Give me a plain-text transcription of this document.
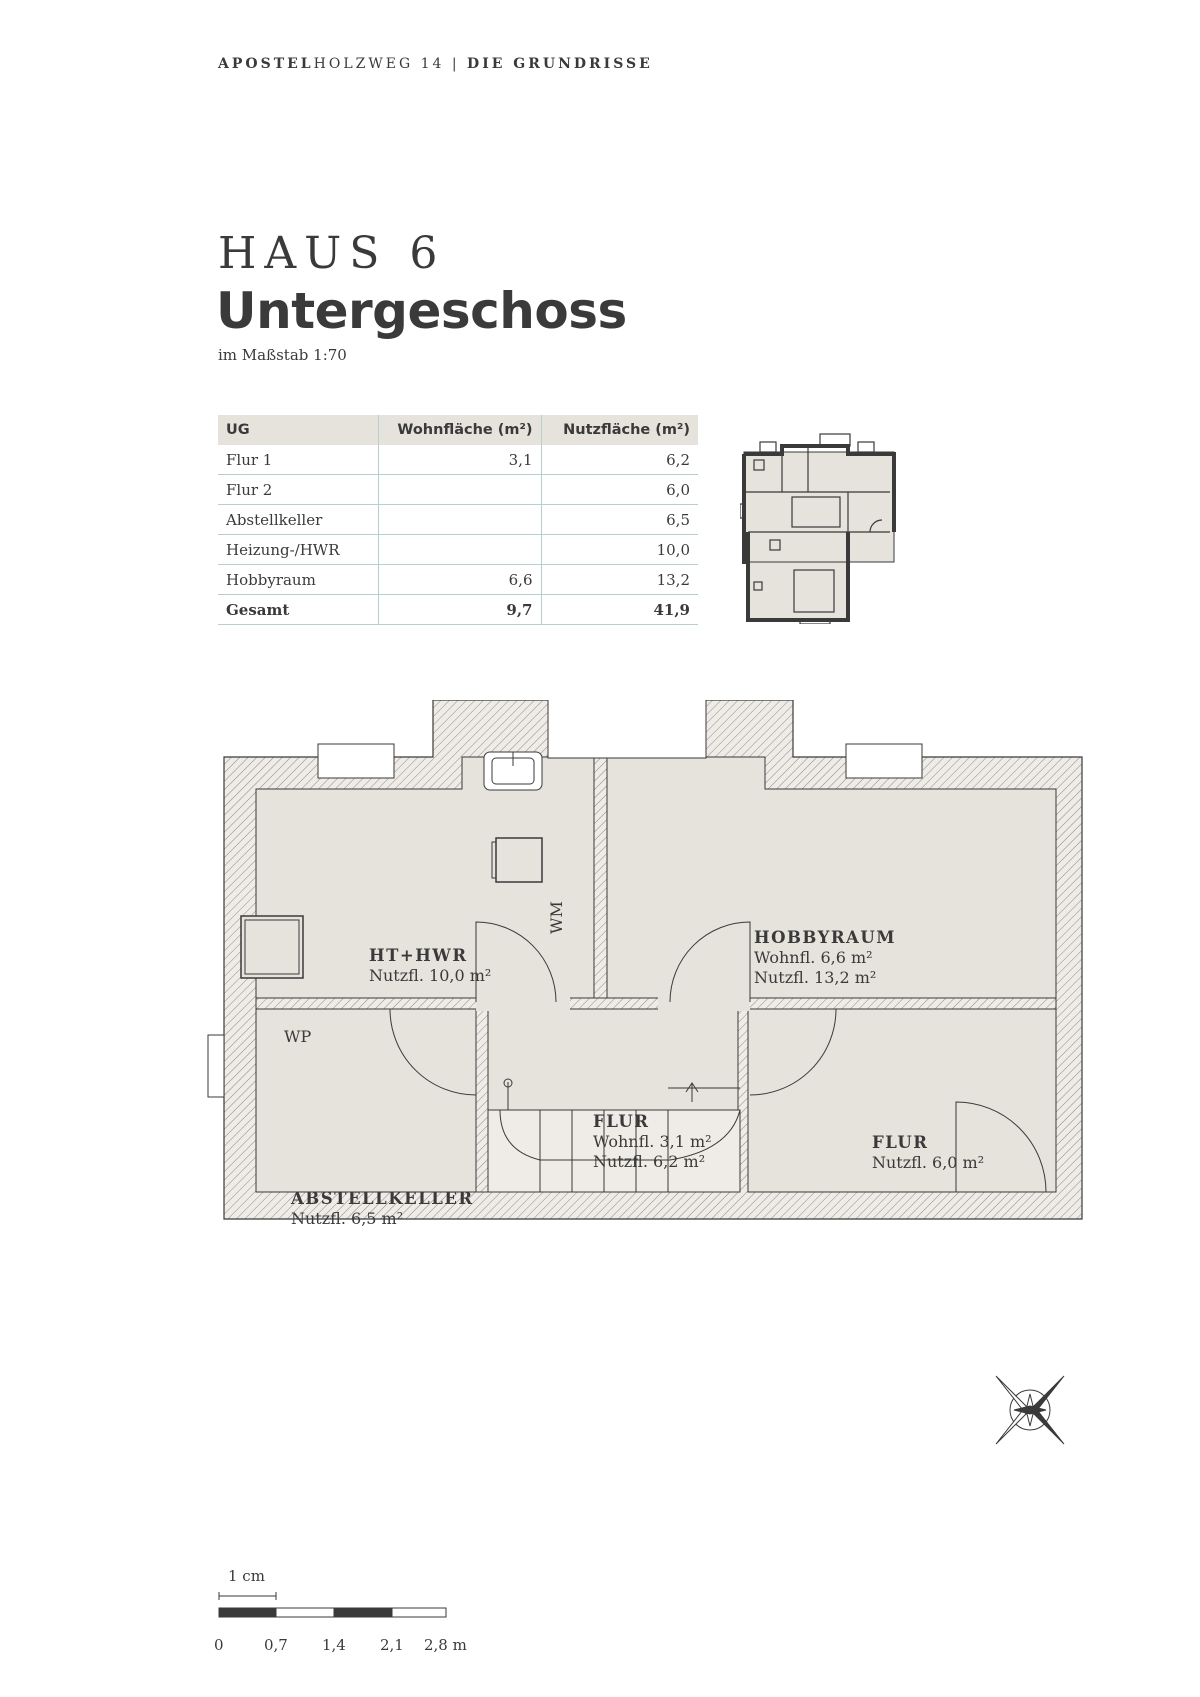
APOSTELHOLZWEG 14 | DIE GRUNDRISSE
HAUS 6
Untergeschoss
im Maßstab 1:70
UG	Wohnfläche (m²)	Nutzfläche (m²)
Flur 1	3,1	6,2
Flur 2		6,0
Abstellkeller		6,5
Heizung-/HWR		10,0
Hobbyraum	6,6	13,2
Gesamt	9,7	41,9
WP
WM
HT+HWR
Nutzfl. 10,0 m²
HOBBYRAUM
Wohnfl. 6,6 m²
Nutzfl. 13,2 m²
FLUR
Wohnfl. 3,1 m²
Nutzfl. 6,2 m²
FLUR
Nutzfl. 6,0 m²
ABSTELLKELLER
Nutzfl. 6,5 m²
1 cm
0	0,7 1,4 2,1 2,8 m
